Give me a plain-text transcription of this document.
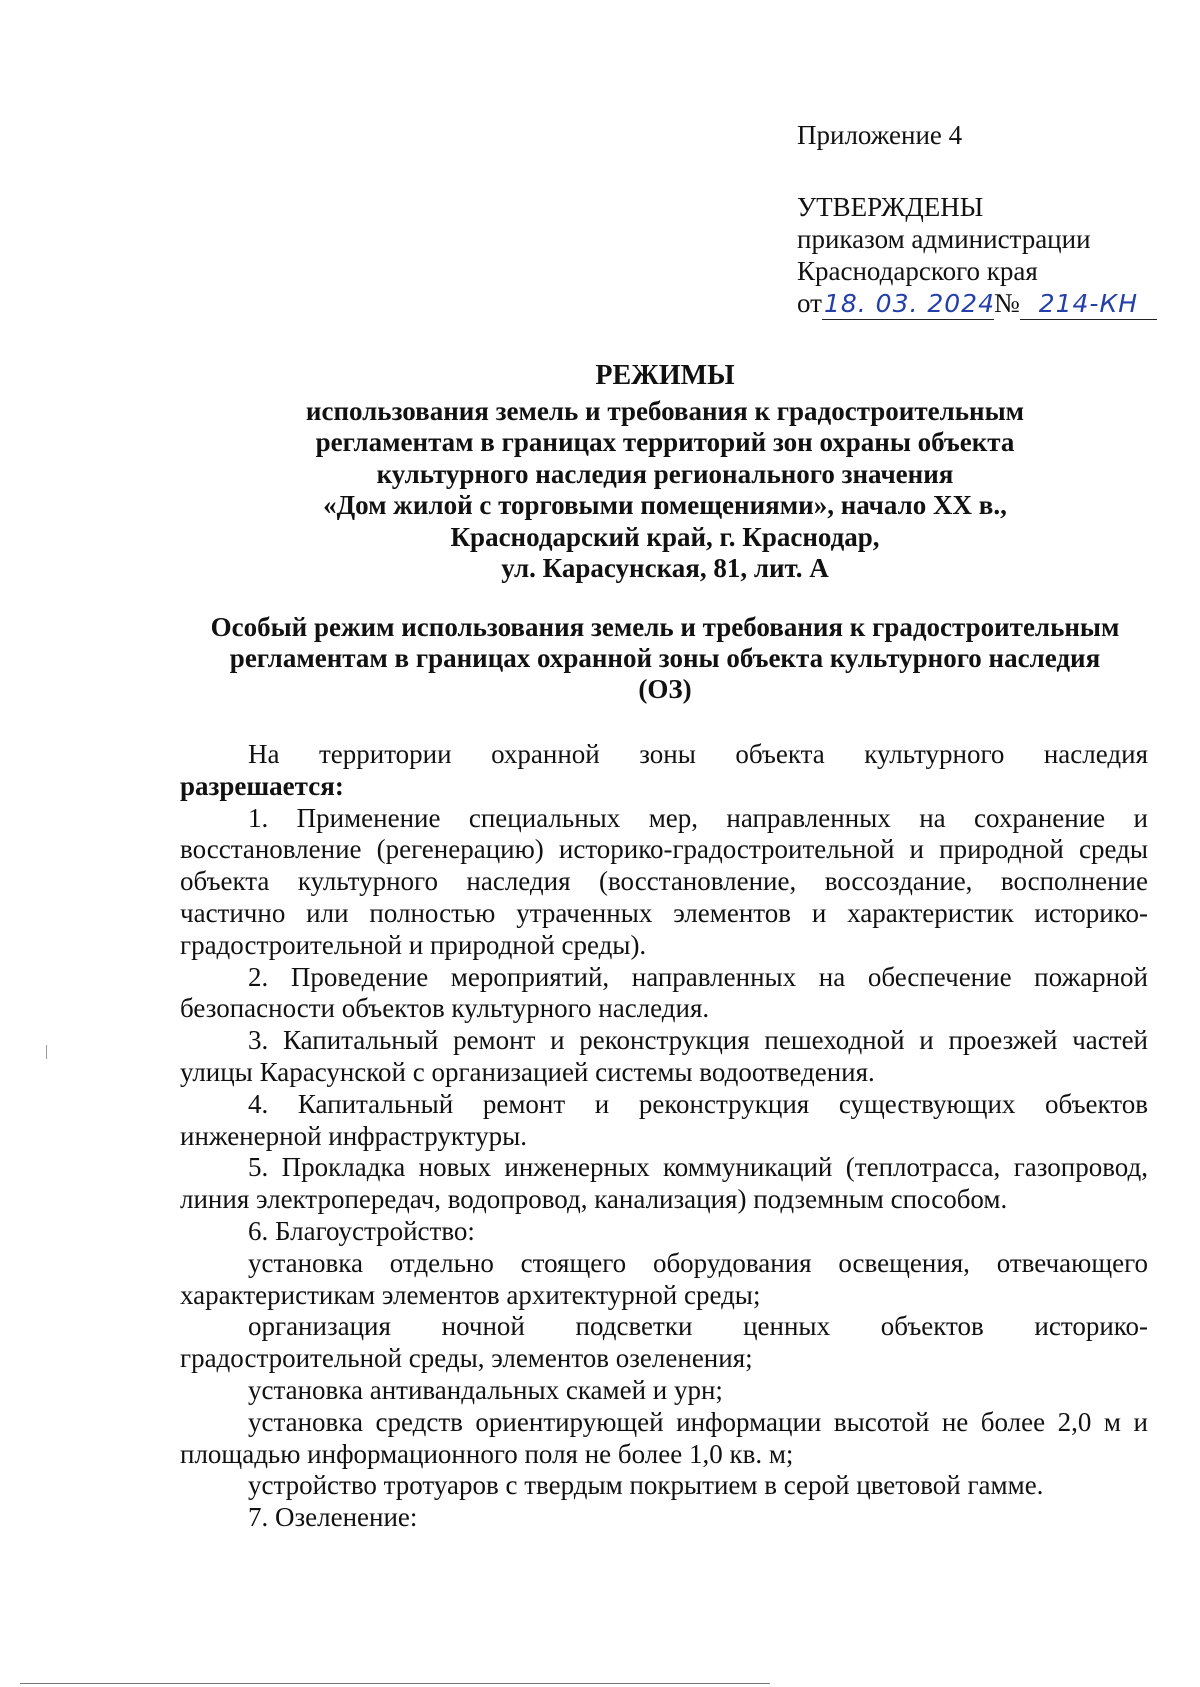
Приложение 4
УТВЕРЖДЕНЫ
приказом администрации
Краснодарского края
от 18. 03. 2024
№ 214-КН
РЕЖИМЫ
использования земель и требования к градостроительным
регламентам в границах территорий зон охраны объекта
культурного наследия регионального значения
«Дом жилой с торговыми помещениями», начало XX в.,
Краснодарский край, г. Краснодар,
ул. Карасунская, 81, лит. А
Особый режим использования земель и требования к градостроительным
регламентам в границах охранной зоны объекта культурного наследия
(ОЗ)

На территории охранной зоны объекта культурного наследия

разрешается:

1. Применение специальных мер, направленных на сохранение и восстановление (регенерацию) историко-градостроительной и природной среды объекта культурного наследия (восстановление, воссоздание, восполнение частично или полностью утраченных элементов и характеристик историко-градостроительной и природной среды).

2. Проведение мероприятий, направленных на обеспечение пожарной безопасности объектов культурного наследия.

3. Капитальный ремонт и реконструкция пешеходной и проезжей частей улицы Карасунской с организацией системы водоотведения.

4. Капитальный ремонт и реконструкция существующих объектов инженерной инфраструктуры.

5. Прокладка новых инженерных коммуникаций (теплотрасса, газопровод, линия электропередач, водопровод, канализация) подземным способом.

6. Благоустройство:

установка отдельно стоящего оборудования освещения, отвечающего характеристикам элементов архитектурной среды;

организация ночной подсветки ценных объектов историко-градостроительной среды, элементов озеленения;

установка антивандальных скамей и урн;

установка средств ориентирующей информации высотой не более 2,0 м и площадью информационного поля не более 1,0 кв. м;

устройство тротуаров с твердым покрытием в серой цветовой гамме.

7. Озеленение:
